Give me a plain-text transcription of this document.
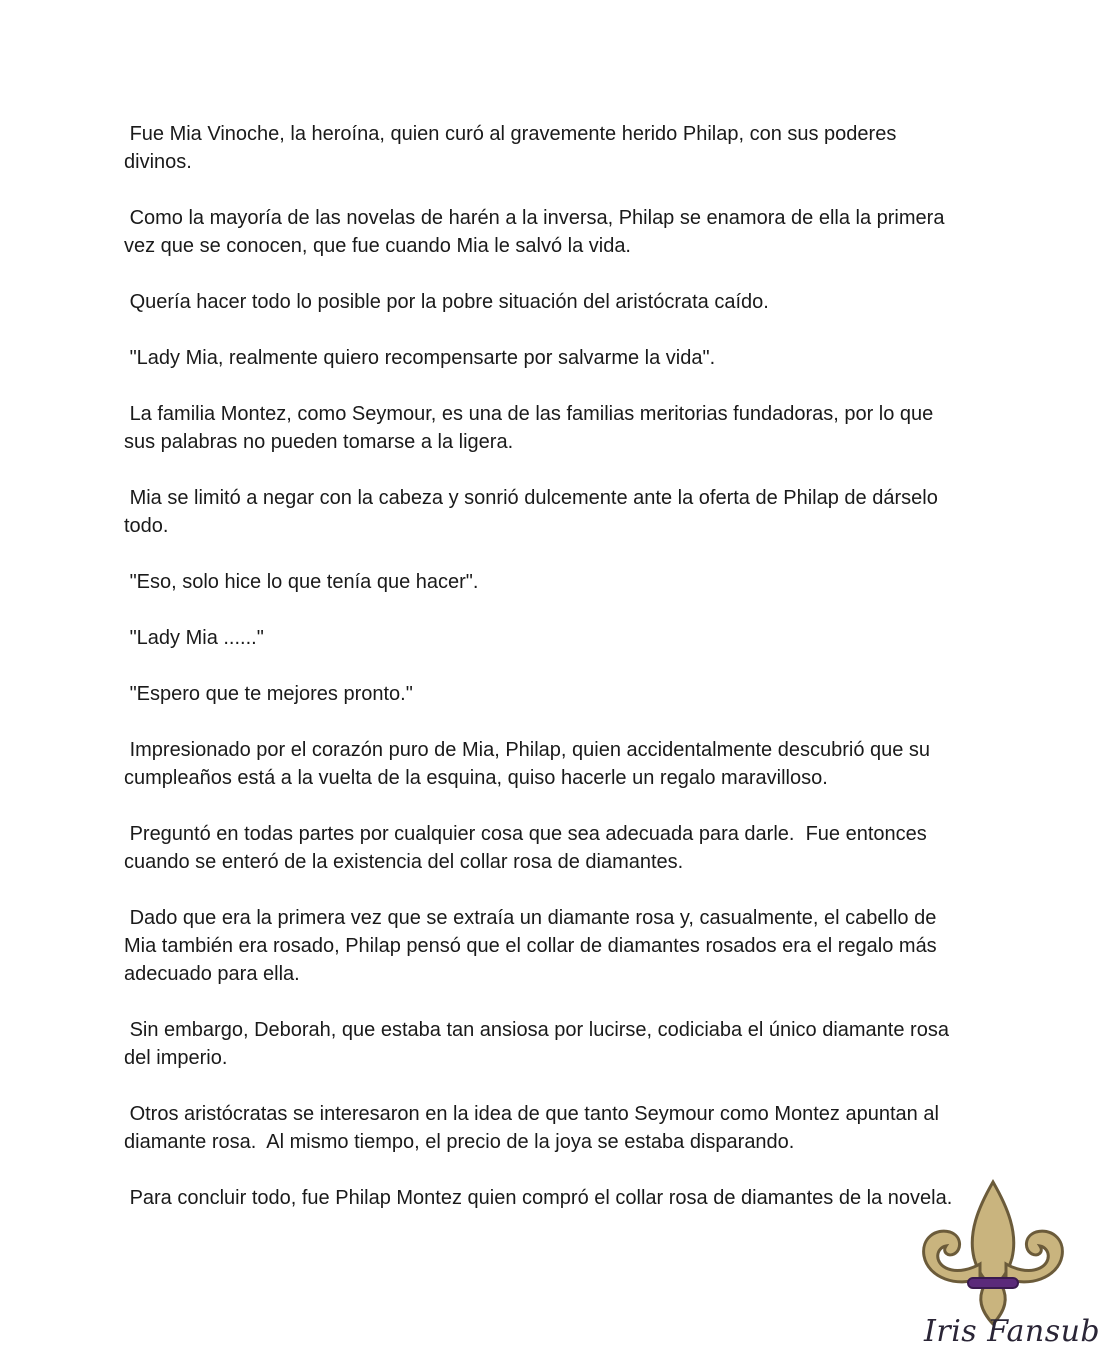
Fue Mia Vinoche, la heroína, quien curó al gravemente herido Philap, con sus poderes divinos.

Como la mayoría de las novelas de harén a la inversa, Philap se enamora de ella la primera vez que se conocen, que fue cuando Mia le salvó la vida.

Quería hacer todo lo posible por la pobre situación del aristócrata caído.

"Lady Mia, realmente quiero recompensarte por salvarme la vida".

La familia Montez, como Seymour, es una de las familias meritorias fundadoras, por lo que sus palabras no pueden tomarse a la ligera.

Mia se limitó a negar con la cabeza y sonrió dulcemente ante la oferta de Philap de dárselo todo.

"Eso, solo hice lo que tenía que hacer".

"Lady Mia ......"

"Espero que te mejores pronto."

Impresionado por el corazón puro de Mia, Philap, quien accidentalmente descubrió que su cumpleaños está a la vuelta de la esquina, quiso hacerle un regalo maravilloso.

Preguntó en todas partes por cualquier cosa que sea adecuada para darle.  Fue entonces cuando se enteró de la existencia del collar rosa de diamantes.

Dado que era la primera vez que se extraía un diamante rosa y, casualmente, el cabello de Mia también era rosado, Philap pensó que el collar de diamantes rosados era el regalo más adecuado para ella.

Sin embargo, Deborah, que estaba tan ansiosa por lucirse, codiciaba el único diamante rosa del imperio.

Otros aristócratas se interesaron en la idea de que tanto Seymour como Montez apuntan al diamante rosa.  Al mismo tiempo, el precio de la joya se estaba disparando.

Para concluir todo, fue Philap Montez quien compró el collar rosa de diamantes de la novela.

Iris Fansub
